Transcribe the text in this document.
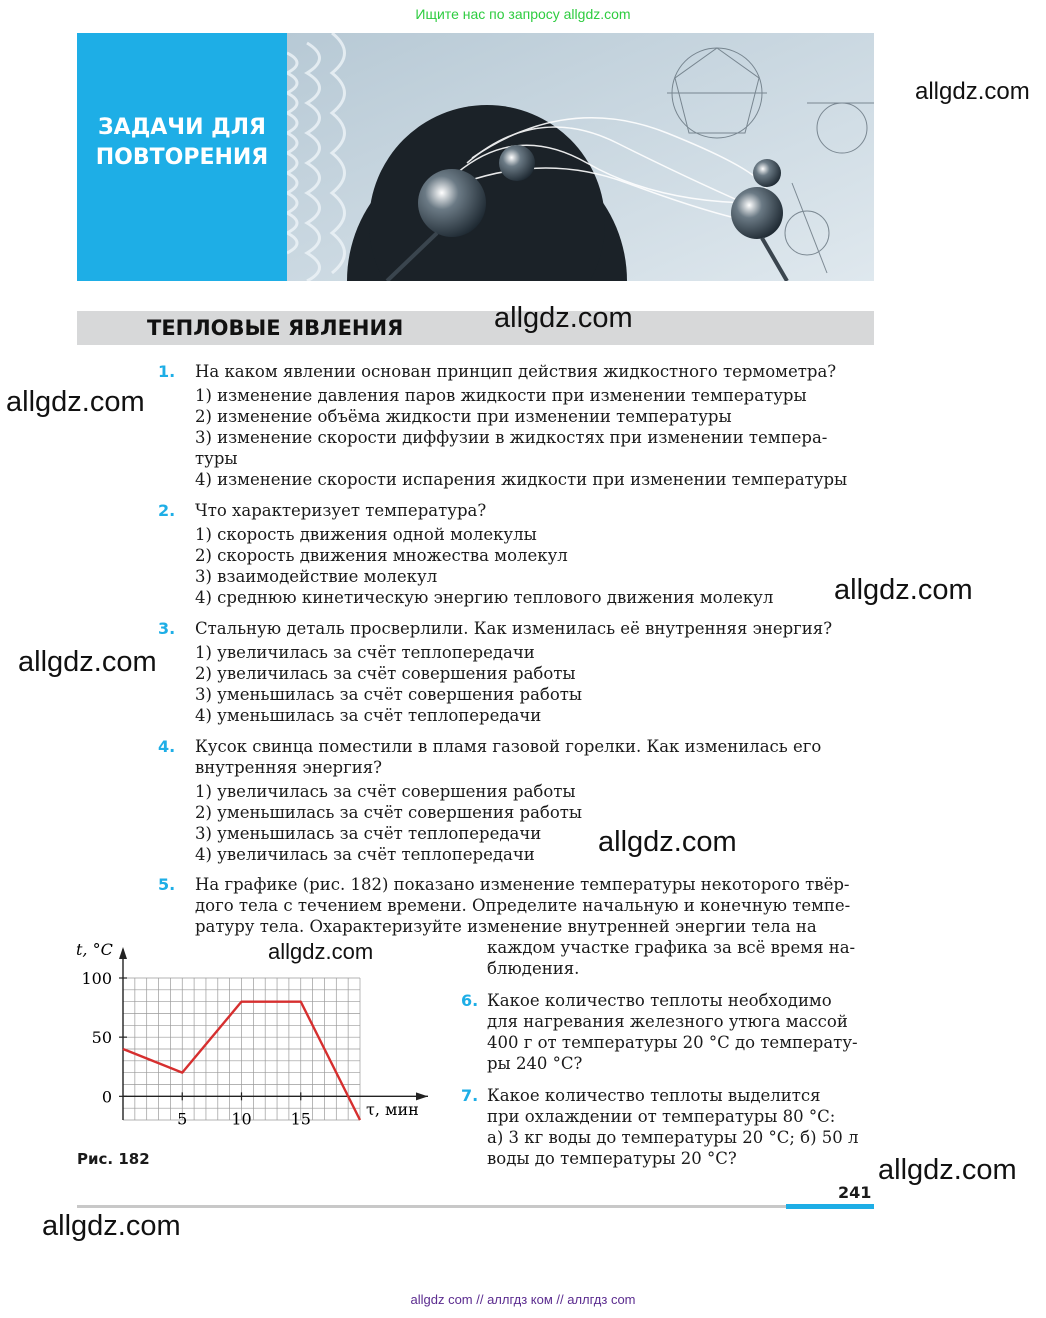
Ищите нас по запросу allgdz.com
ЗАДАЧИ ДЛЯ
ПОВТОРЕНИЯ
ТЕПЛОВЫЕ ЯВЛЕНИЯ
1. На каком явлении основан принцип действия жидкостного термометра?
1) изменение давления паров жидкости при изменении температуры
2) изменение объёма жидкости при изменении температуры
3) изменение скорости диффузии в жидкостях при изменении темпера-
туры
4) изменение скорости испарения жидкости при изменении температуры
2. Что характеризует температура?
1) скорость движения одной молекулы
2) скорость движения множества молекул
3) взаимодействие молекул
4) среднюю кинетическую энергию теплового движения молекул
3. Стальную деталь просверлили. Как изменилась её внутренняя энергия?
1) увеличилась за счёт теплопередачи
2) увеличилась за счёт совершения работы
3) уменьшилась за счёт совершения работы
4) уменьшилась за счёт теплопередачи
4. Кусок свинца поместили в пламя газовой горелки. Как изменилась его
внутренняя энергия?
1) увеличилась за счёт совершения работы
2) уменьшилась за счёт совершения работы
3) уменьшилась за счёт теплопередачи
4) увеличилась за счёт теплопередачи
5. На графике (рис. 182) показано изменение температуры некоторого твёр-
дого тела с течением времени. Определите начальную и конечную темпе-
ратуру тела. Охарактеризуйте изменение внутренней энергии тела на
каждом участке графика за всё время на-
блюдения.
6. Какое количество теплоты необходимо
для нагревания железного утюга массой
400 г от температуры 20 °С до температу-
ры 240 °С?
7. Какое количество теплоты выделится
при охлаждении от температуры 80 °С:
а) 3 кг воды до температуры 20 °С; б) 50 л
воды до температуры 20 °С?
100
50
0
5	10 15
t, °C
τ, мин
Рис. 182
allgdz.com
allgdz.com
allgdz.com
allgdz.com
allgdz.com
allgdz.com
allgdz.com
allgdz.com
allgdz.com
241
allgdz com // аллгдз ком // аллгдз com
